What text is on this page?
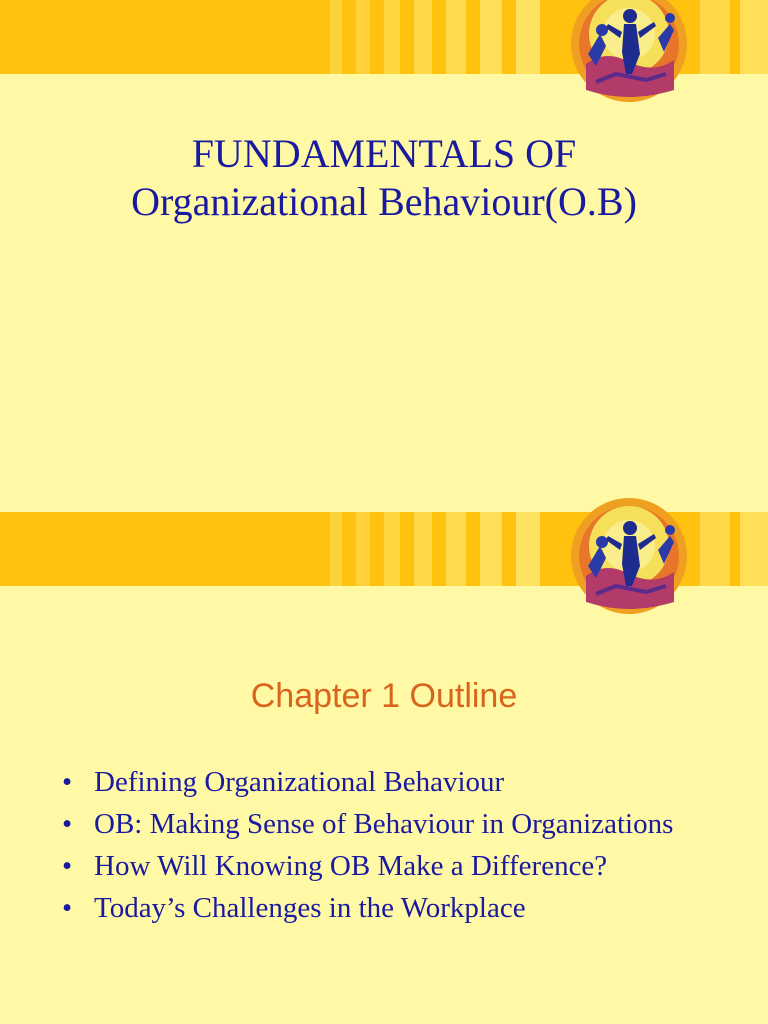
FUNDAMENTALS OF
Organizational Behaviour(O.B)
Chapter 1 Outline
• Defining Organizational Behaviour
• OB: Making Sense of Behaviour in Organizations
• How Will Knowing OB Make a Difference?
• Today’s Challenges in the Workplace
